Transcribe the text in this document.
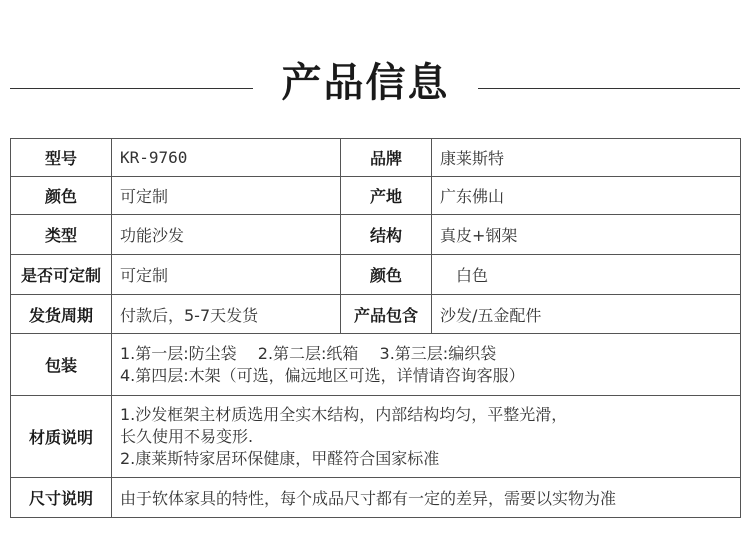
产品信息
型号	KR-9760	品牌	康莱斯特
颜色	可定制	产地	广东佛山
类型	功能沙发	结构	真皮+钢架
是否可定制	可定制	颜色	白色
发货周期	付款后，5-7天发货	产品包含	沙发/五金配件
包装	1.第一层:防尘袋 2.第二层:纸箱 3.第三层:编织袋
4.第四层:木架（可选，偏远地区可选，详情请咨询客服）		

材质说明	1.沙发框架主材质选用全实木结构，内部结构均匀，平整光滑，
长久使用不易变形.
2.康莱斯特家居环保健康，甲醛符合国家标准		

尺寸说明	由于软体家具的特性，每个成品尺寸都有一定的差异，需要以实物为准		
